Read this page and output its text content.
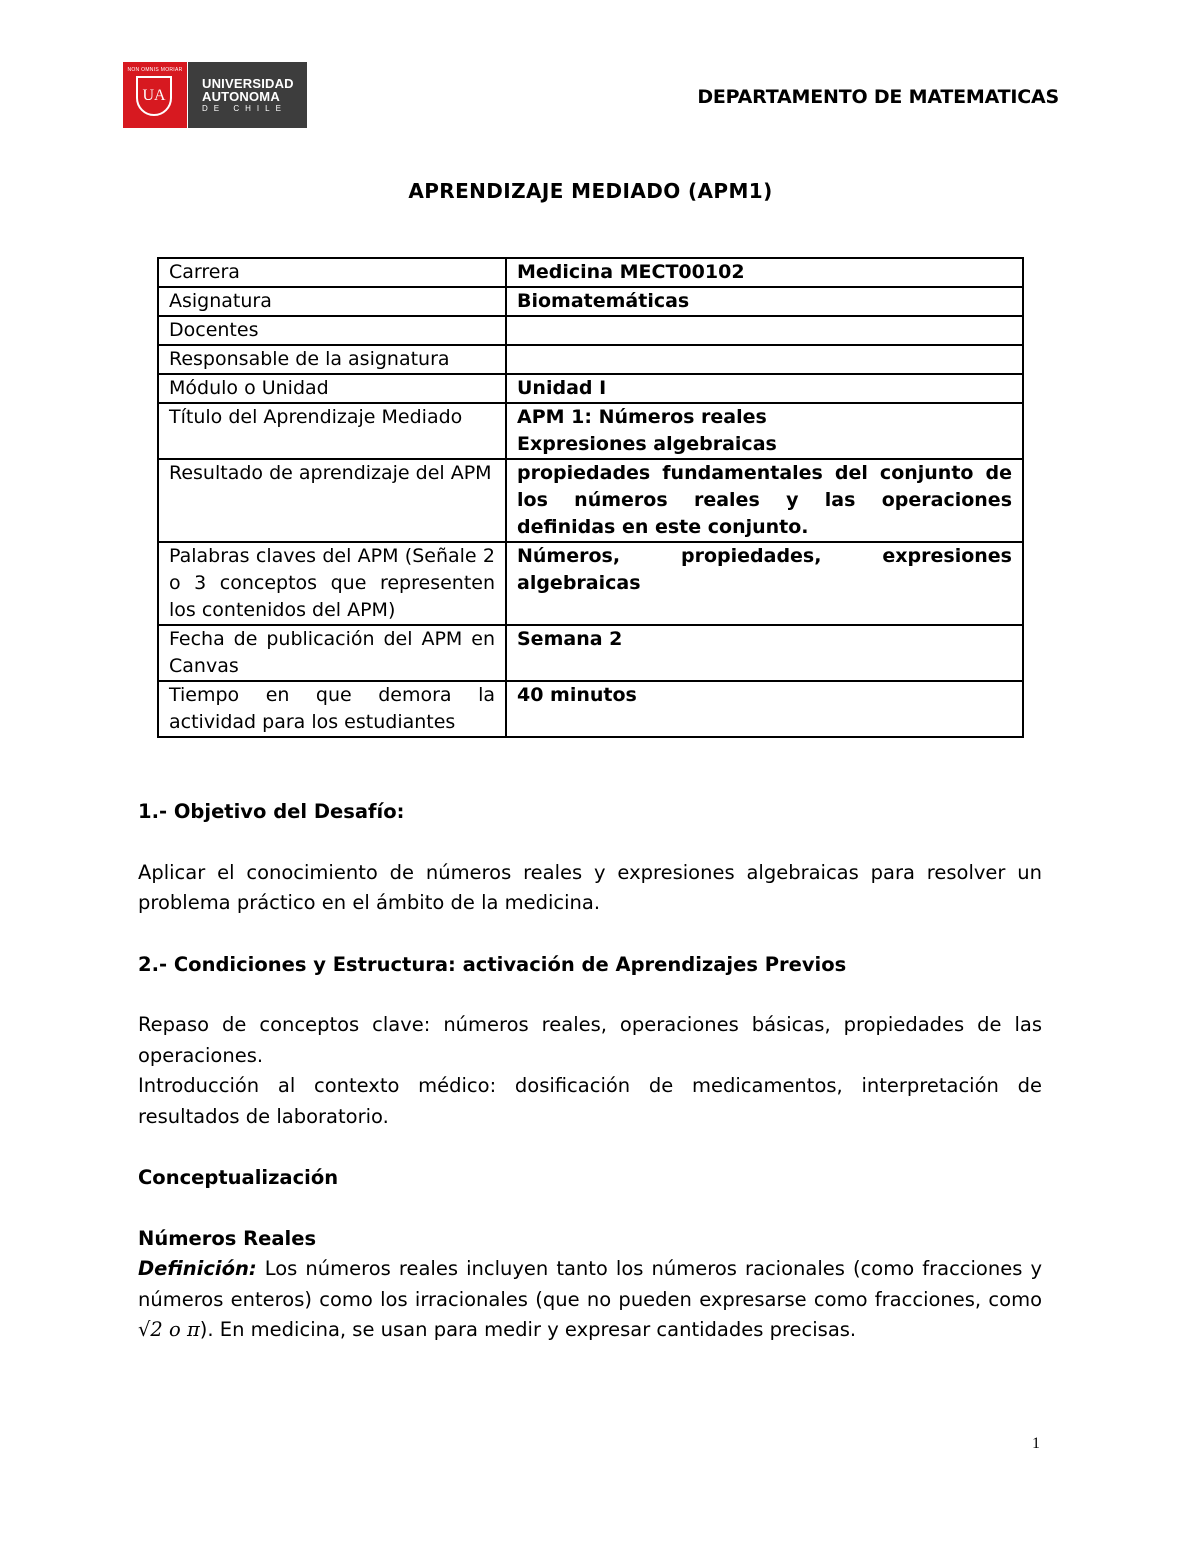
NON OMNIS MORIAR
UA
UNIVERSIDAD
AUTONOMA
DE CHILE
DEPARTAMENTO DE MATEMATICAS
APRENDIZAJE MEDIADO (APM1)
Carrera	Medicina MECT00102
Asignatura	Biomatemáticas
Docentes	
Responsable de la asignatura	
Módulo o Unidad	Unidad I
Título del Aprendizaje Mediado	APM 1: Números reales
Expresiones algebraicas

Resultado de aprendizaje del APM	propiedades fundamentales del conjunto de los números reales y las operaciones definidas en este conjunto.
Palabras claves del APM (Señale 2 o 3 conceptos que representen los contenidos del APM)	Números, propiedades, expresiones algebraicas
Fecha de publicación del APM en Canvas	Semana 2
Tiempo en que demora la actividad para los estudiantes	40 minutos
1.- Objetivo del Desafío:

Aplicar el conocimiento de números reales y expresiones algebraicas para resolver un problema práctico en el ámbito de la medicina.

2.- Condiciones y Estructura: activación de Aprendizajes Previos

Repaso de conceptos clave: números reales, operaciones básicas, propiedades de las operaciones.

Introducción al contexto médico: dosificación de medicamentos, interpretación de resultados de laboratorio.

Conceptualización
Números Reales

Definición: Los números reales incluyen tanto los números racionales (como fracciones y números enteros) como los irracionales (que no pueden expresarse como fracciones, como √2 o π). En medicina, se usan para medir y expresar cantidades precisas.

1
